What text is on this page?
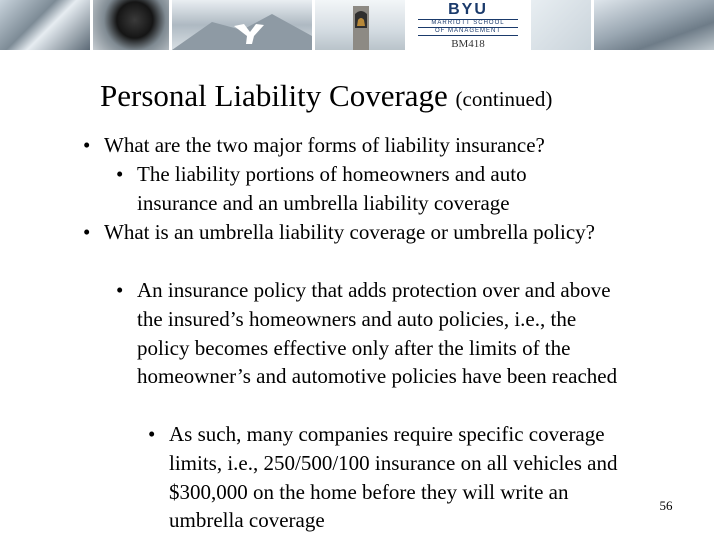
BYU
MARRIOTT SCHOOL
OF MANAGEMENT
BM418
Personal Liability Coverage (continued)
• What are the two major forms of liability insurance?
• The liability portions of homeowners and auto insurance and an umbrella liability coverage
• What is an umbrella liability coverage or umbrella policy?
• An insurance policy that adds protection over and above the insured’s homeowners and auto policies, i.e., the policy becomes effective only after the limits of the homeowner’s and automotive policies have been reached
• As such, many companies require specific coverage limits, i.e., 250/500/100 insurance on all vehicles and $300,000 on the home before they will write an umbrella coverage
56
